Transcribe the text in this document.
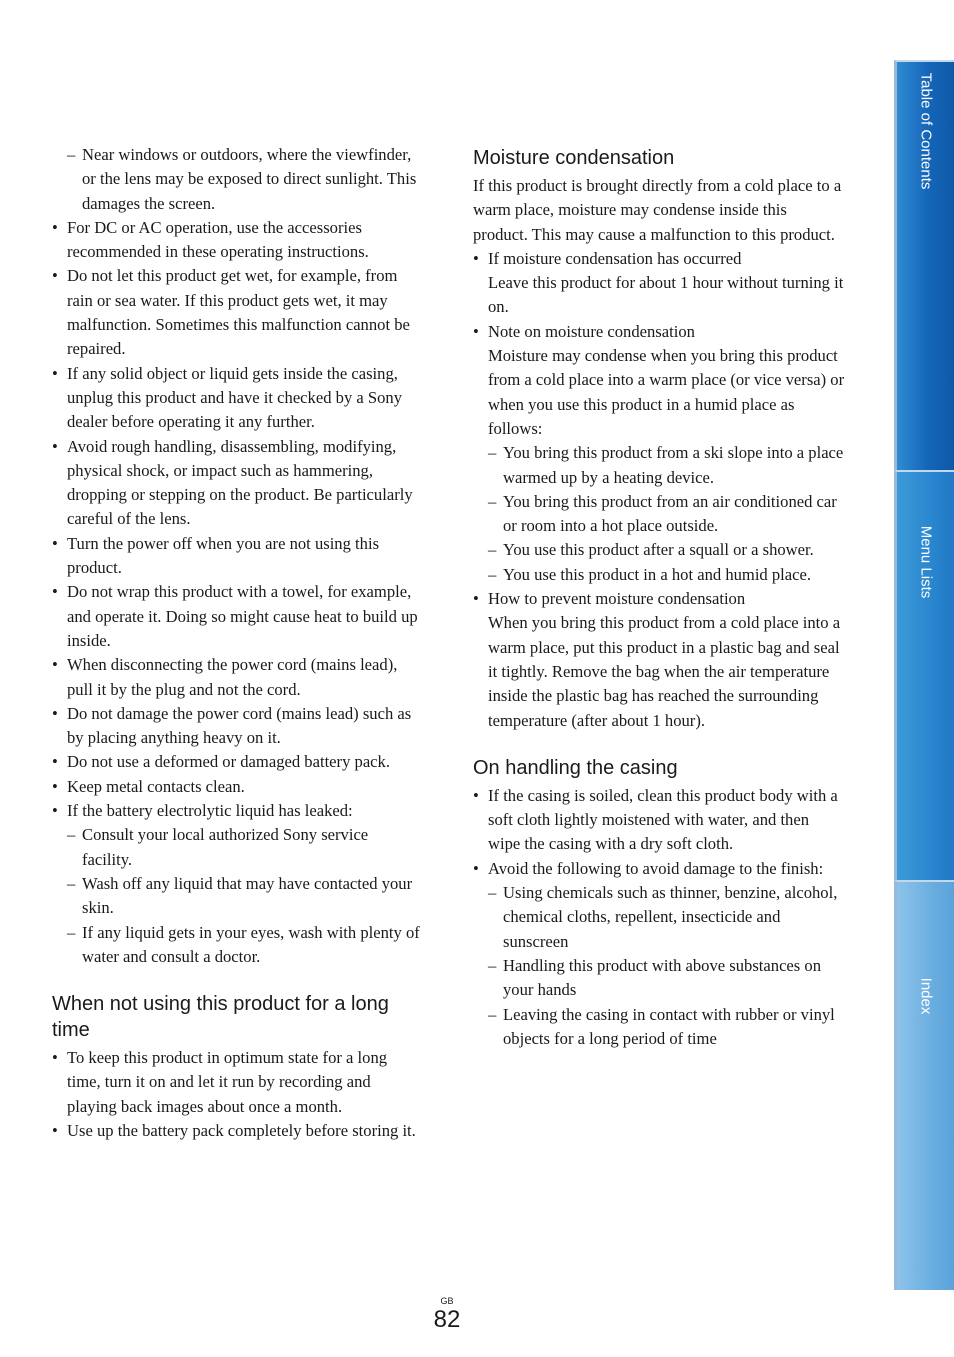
– Near windows or outdoors, where the viewfinder, or the lens may be exposed to direct sunlight. This damages the screen.
• For DC or AC operation, use the accessories recommended in these operating instructions.
• Do not let this product get wet, for example, from rain or sea water. If this product gets wet, it may malfunction. Sometimes this malfunction cannot be repaired.
• If any solid object or liquid gets inside the casing, unplug this product and have it checked by a Sony dealer before operating it any further.
• Avoid rough handling, disassembling, modifying, physical shock, or impact such as hammering, dropping or stepping on the product. Be particularly careful of the lens.
• Turn the power off when you are not using this product.
• Do not wrap this product with a towel, for example, and operate it. Doing so might cause heat to build up inside.
• When disconnecting the power cord (mains lead), pull it by the plug and not the cord.
• Do not damage the power cord (mains lead) such as by placing anything heavy on it.
• Do not use a deformed or damaged battery pack.
• Keep metal contacts clean.
• If the battery electrolytic liquid has leaked:
– Consult your local authorized Sony service facility.
– Wash off any liquid that may have contacted your skin.
– If any liquid gets in your eyes, wash with plenty of water and consult a doctor.
When not using this product for a long time
• To keep this product in optimum state for a long time, turn it on and let it run by recording and playing back images about once a month.
• Use up the battery pack completely before storing it.
Moisture condensation

If this product is brought directly from a cold place to a warm place, moisture may condense inside this product. This may cause a malfunction to this product.

• If moisture condensation has occurred
Leave this product for about 1 hour without turning it on.
• Note on moisture condensation
Moisture may condense when you bring this product from a cold place into a warm place (or vice versa) or when you use this product in a humid place as follows:
– You bring this product from a ski slope into a place warmed up by a heating device.
– You bring this product from an air conditioned car or room into a hot place outside.
– You use this product after a squall or a shower.
– You use this product in a hot and humid place.
• How to prevent moisture condensation
When you bring this product from a cold place into a warm place, put this product in a plastic bag and seal it tightly. Remove the bag when the air temperature inside the plastic bag has reached the surrounding temperature (after about 1 hour).
On handling the casing
• If the casing is soiled, clean this product body with a soft cloth lightly moistened with water, and then wipe the casing with a dry soft cloth.
• Avoid the following to avoid damage to the finish:
– Using chemicals such as thinner, benzine, alcohol, chemical cloths, repellent, insecticide and sunscreen
– Handling this product with above substances on your hands
– Leaving the casing in contact with rubber or vinyl objects for a long period of time
Table of Contents
Menu Lists
Index
GB
82
